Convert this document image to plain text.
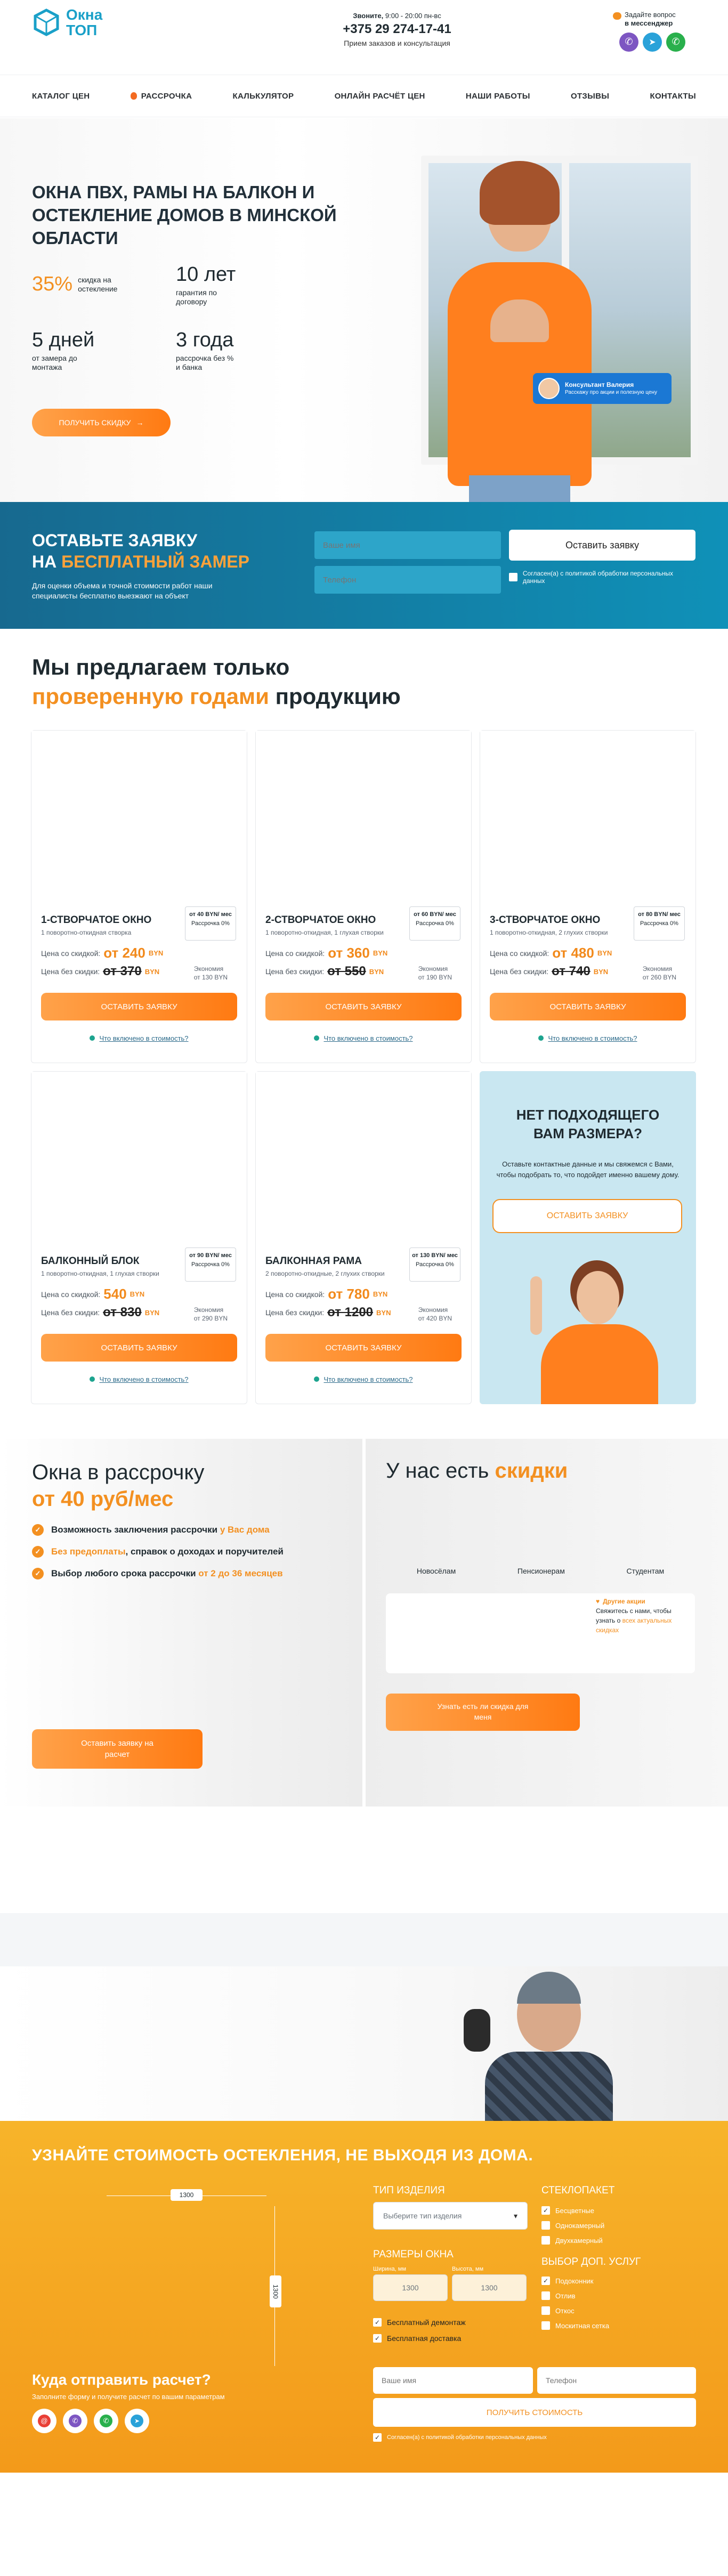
Окна
ТОП
Звоните, 9:00 - 20:00 пн-вс
+375 29 274-17-41
Прием заказов и консультация
Задайте вопрос
в мессенджер
✆	➤	✆
КАТАЛОГ ЦЕН	РАССРОЧКА	КАЛЬКУЛЯТОР	ОНЛАЙН РАСЧЁТ ЦЕН	НАШИ РАБОТЫ	ОТЗЫВЫ	КОНТАКТЫ
Консультант Валерия
Расскажу про акции и полезную цену
ОКНА ПВХ, РАМЫ НА БАЛКОН И ОСТЕКЛЕНИЕ ДОМОВ В МИНСКОЙ ОБЛАСТИ
35% скидка на остекление
10 лет
гарантия по договору
5 дней
от замера до монтажа
3 года
рассрочка без % и банка
ПОЛУЧИТЬ СКИДКУ →
ОСТАВЬТЕ ЗАЯВКУ
НА БЕСПЛАТНЫЙ ЗАМЕР
Для оценки объема и точной стоимости работ наши специалисты бесплатно выезжают на объект
Ваше имя
Телефон
Оставить заявку
Согласен(а) с политикой обработки персональных данных
Мы предлагаем только
проверенную годами продукцию
1-СТВОРЧАТОЕ ОКНО
1 поворотно-откидная створка
от 40 BYN/ мес
Рассрочка 0%
Цена со скидкой: от 240 BYN
Цена без скидки: от 370 BYN	Экономия
от 130 BYN
ОСТАВИТЬ ЗАЯВКУ
Что включено в стоимость?
2-СТВОРЧАТОЕ ОКНО
1 поворотно-откидная, 1 глухая створки
от 60 BYN/ мес
Рассрочка 0%
Цена со скидкой: от 360 BYN
Цена без скидки: от 550 BYN	Экономия
от 190 BYN
ОСТАВИТЬ ЗАЯВКУ
Что включено в стоимость?
3-СТВОРЧАТОЕ ОКНО
1 поворотно-откидная, 2 глухих створки
от 80 BYN/ мес
Рассрочка 0%
Цена со скидкой: от 480 BYN
Цена без скидки: от 740 BYN	Экономия
от 260 BYN
ОСТАВИТЬ ЗАЯВКУ
Что включено в стоимость?
БАЛКОННЫЙ БЛОК
1 поворотно-откидная, 1 глухая створки
от 90 BYN/ мес
Рассрочка 0%
Цена со скидкой: 540 BYN
Цена без скидки: от 830 BYN	Экономия
от 290 BYN
ОСТАВИТЬ ЗАЯВКУ
Что включено в стоимость?
БАЛКОННАЯ РАМА
2 поворотно-откидные, 2 глухих створки
от 130 BYN/ мес
Рассрочка 0%
Цена со скидкой: от 780 BYN
Цена без скидки: от 1200 BYN	Экономия
от 420 BYN
ОСТАВИТЬ ЗАЯВКУ
Что включено в стоимость?
НЕТ ПОДХОДЯЩЕГО ВАМ РАЗМЕРА?
Оставьте контактные данные и мы свяжемся с Вами, чтобы подобрать то, что подойдет именно вашему дому.
ОСТАВИТЬ ЗАЯВКУ
Окна в рассрочку
от 40 руб/мес
✓	Возможность заключения рассрочки у Вас дома
✓	Без предоплаты, справок о доходах и поручителей
✓	Выбор любого срока рассрочки от 2 до 36 месяцев
Оставить заявку на расчет
У нас есть скидки
Новосёлам	Пенсионерам	Студентам
♥ Другие акции
Свяжитесь с нами, чтобы узнать о всех актуальных скидках
Узнать есть ли скидка для меня
УЗНАЙТЕ СТОИМОСТЬ ОСТЕКЛЕНИЯ, НЕ ВЫХОДЯ ИЗ ДОМА.
1300
1300
ТИП ИЗДЕЛИЯ
Выберите тип изделия	▾
РАЗМЕРЫ ОКНА
Ширина, мм	Высота, мм
1300	1300
✓ Бесплатный демонтаж
✓ Бесплатная доставка
СТЕКЛОПАКЕТ
✓ Бесцветные
Однокамерный
Двухкамерный
ВЫБОР ДОП. УСЛУГ
✓ Подоконник
Отлив
Откос
Москитная сетка
Куда отправить расчет?
Заполните форму и получите расчет по вашим параметрам
@	✆	✆	➤
Ваше имя
Телефон
ПОЛУЧИТЬ СТОИМОСТЬ
✓ Согласен(а) с политикой обработки персональных данных
